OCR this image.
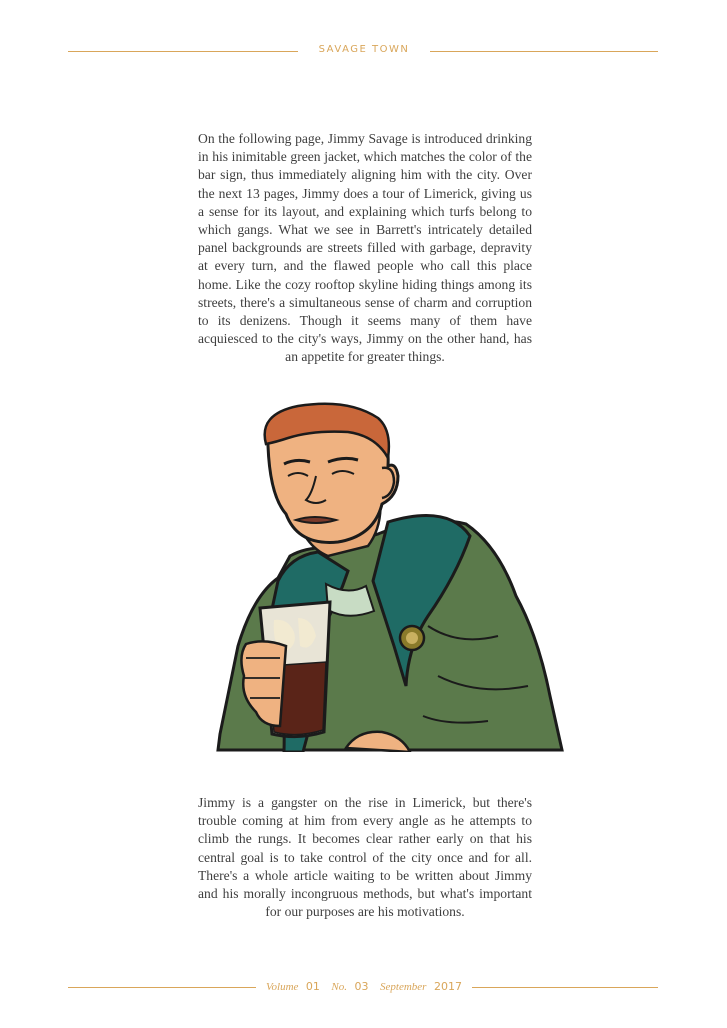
SAVAGE TOWN

On the following page, Jimmy Savage is introduced drinking in his inimitable green jacket, which matches the color of the bar sign, thus immediately aligning him with the city. Over the next 13 pages, Jimmy does a tour of Limerick, giving us a sense for its layout, and explaining which turfs belong to which gangs. What we see in Barrett's intricately detailed panel backgrounds are streets filled with garbage, depravity at every turn, and the flawed people who call this place home. Like the cozy rooftop skyline hiding things among its streets, there's a simultaneous sense of charm and corruption to its denizens. Though it seems many of them have acquiesced to the city's ways, Jimmy on the other hand, has an appetite for greater things.

Jimmy is a gangster on the rise in Limerick, but there's trouble coming at him from every angle as he attempts to climb the rungs. It becomes clear rather early on that his central goal is to take control of the city once and for all. There's a whole article waiting to be written about Jimmy and his morally incongruous methods, but what's important for our purposes are his motivations.

Volume 01 No. 03 September 2017
